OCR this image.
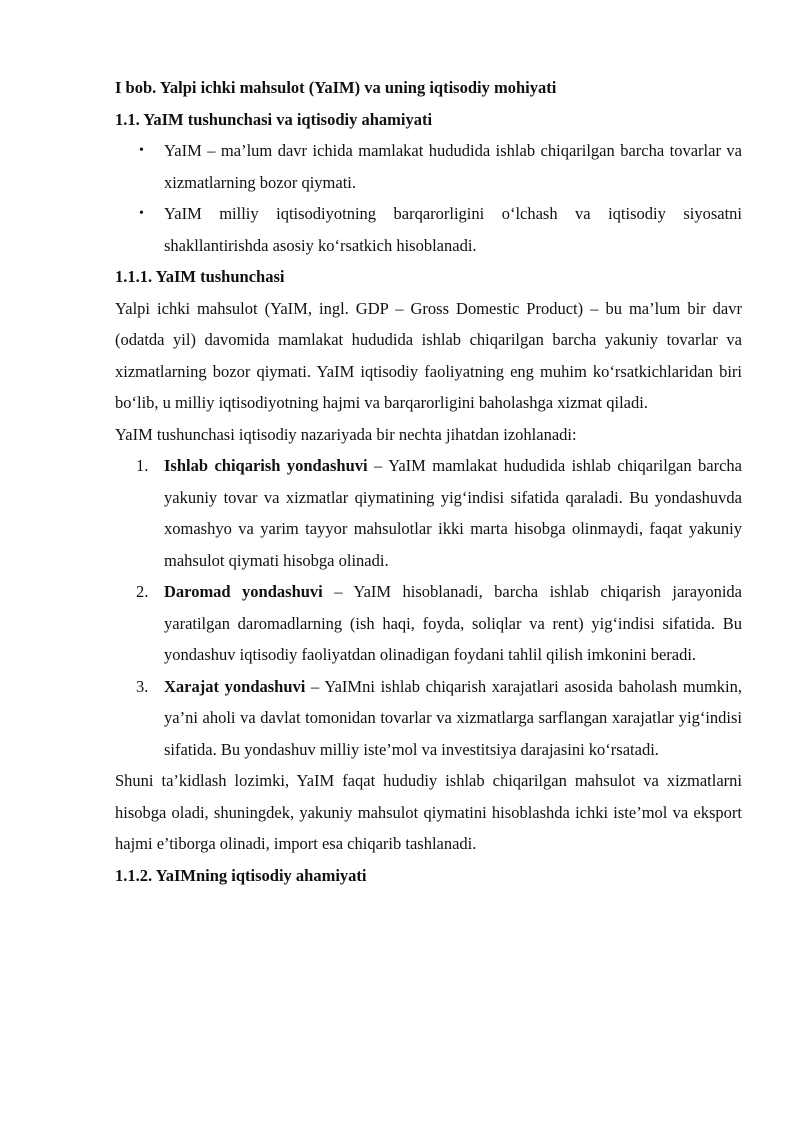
I bob. Yalpi ichki mahsulot (YaIM) va uning iqtisodiy mohiyati
1.1. YaIM tushunchasi va iqtisodiy ahamiyati
• YaIM – ma’lum davr ichida mamlakat hududida ishlab chiqarilgan barcha tovarlar va xizmatlarning bozor qiymati.
• YaIM milliy iqtisodiyotning barqarorligini o‘lchash va iqtisodiy siyosatni shakllantirishda asosiy ko‘rsatkich hisoblanadi.
1.1.1. YaIM tushunchasi

Yalpi ichki mahsulot (YaIM, ingl. GDP – Gross Domestic Product) – bu ma’lum bir davr (odatda yil) davomida mamlakat hududida ishlab chiqarilgan barcha yakuniy tovarlar va xizmatlarning bozor qiymati. YaIM iqtisodiy faoliyatning eng muhim ko‘rsatkichlaridan biri bo‘lib, u milliy iqtisodiyotning hajmi va barqarorligini baholashga xizmat qiladi.

YaIM tushunchasi iqtisodiy nazariyada bir nechta jihatdan izohlanadi:

1. Ishlab chiqarish yondashuvi – YaIM mamlakat hududida ishlab chiqarilgan barcha yakuniy tovar va xizmatlar qiymatining yig‘indisi sifatida qaraladi. Bu yondashuvda xomashyo va yarim tayyor mahsulotlar ikki marta hisobga olinmaydi, faqat yakuniy mahsulot qiymati hisobga olinadi.
2. Daromad yondashuvi – YaIM hisoblanadi, barcha ishlab chiqarish jarayonida yaratilgan daromadlarning (ish haqi, foyda, soliqlar va rent) yig‘indisi sifatida. Bu yondashuv iqtisodiy faoliyatdan olinadigan foydani tahlil qilish imkonini beradi.
3. Xarajat yondashuvi – YaIMni ishlab chiqarish xarajatlari asosida baholash mumkin, ya’ni aholi va davlat tomonidan tovarlar va xizmatlarga sarflangan xarajatlar yig‘indisi sifatida. Bu yondashuv milliy iste’mol va investitsiya darajasini ko‘rsatadi.

Shuni ta’kidlash lozimki, YaIM faqat hududiy ishlab chiqarilgan mahsulot va xizmatlarni hisobga oladi, shuningdek, yakuniy mahsulot qiymatini hisoblashda ichki iste’mol va eksport hajmi e’tiborga olinadi, import esa chiqarib tashlanadi.

1.1.2. YaIMning iqtisodiy ahamiyati
